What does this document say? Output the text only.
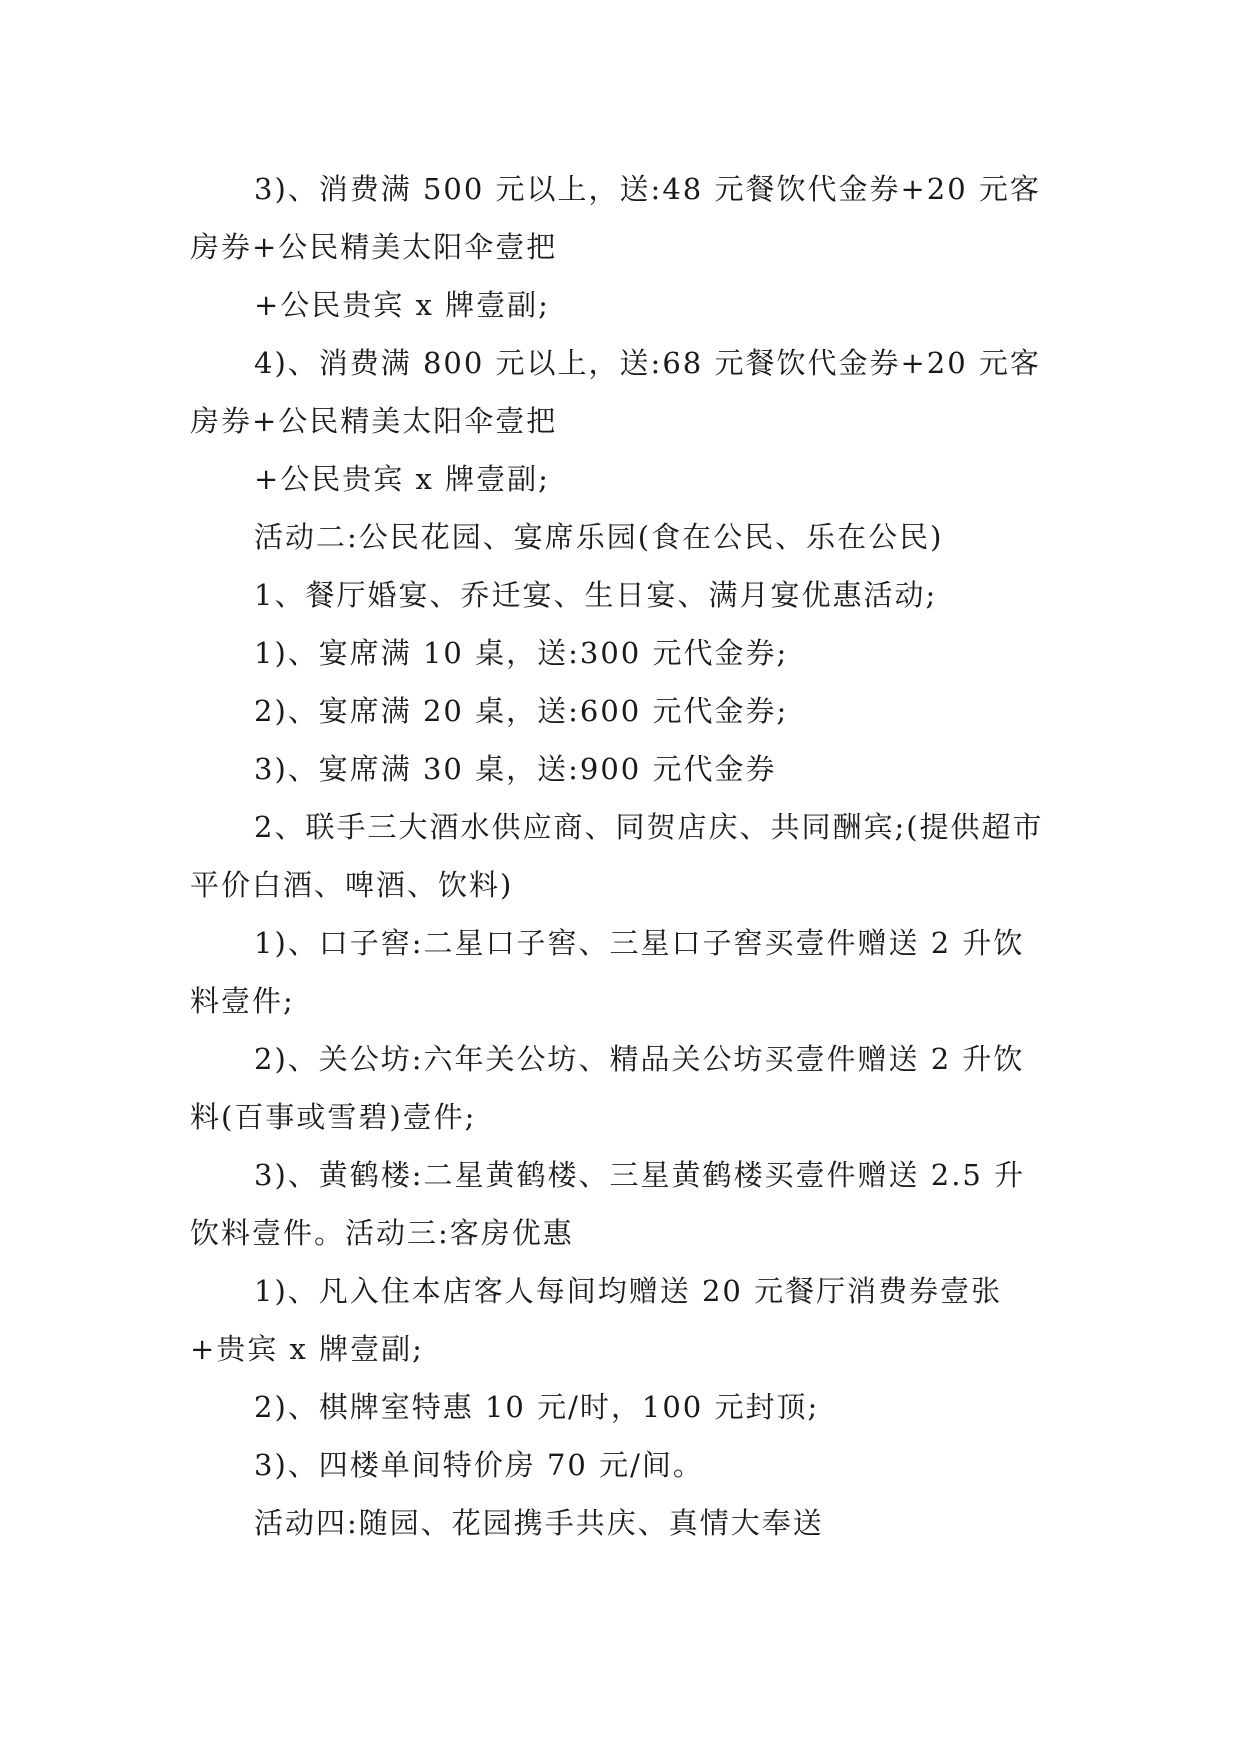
3)、消费满 500 元以上，送:48 元餐饮代金券+20 元客房券+公民精美太阳伞壹把

+公民贵宾 x 牌壹副;

4)、消费满 800 元以上，送:68 元餐饮代金券+20 元客房券+公民精美太阳伞壹把

+公民贵宾 x 牌壹副;

活动二:公民花园、宴席乐园(食在公民、乐在公民)

1、餐厅婚宴、乔迁宴、生日宴、满月宴优惠活动;

1)、宴席满 10 桌，送:300 元代金券;

2)、宴席满 20 桌，送:600 元代金券;

3)、宴席满 30 桌，送:900 元代金券

2、联手三大酒水供应商、同贺店庆、共同酬宾;(提供超市平价白酒、啤酒、饮料)

1)、口子窖:二星口子窖、三星口子窖买壹件赠送 2 升饮料壹件;

2)、关公坊:六年关公坊、精品关公坊买壹件赠送 2 升饮料(百事或雪碧)壹件;

3)、黄鹤楼:二星黄鹤楼、三星黄鹤楼买壹件赠送 2.5 升饮料壹件。活动三:客房优惠

1)、凡入住本店客人每间均赠送 20 元餐厅消费券壹张+贵宾 x 牌壹副;

2)、棋牌室特惠 10 元/时，100 元封顶;

3)、四楼单间特价房 70 元/间。

活动四:随园、花园携手共庆、真情大奉送
